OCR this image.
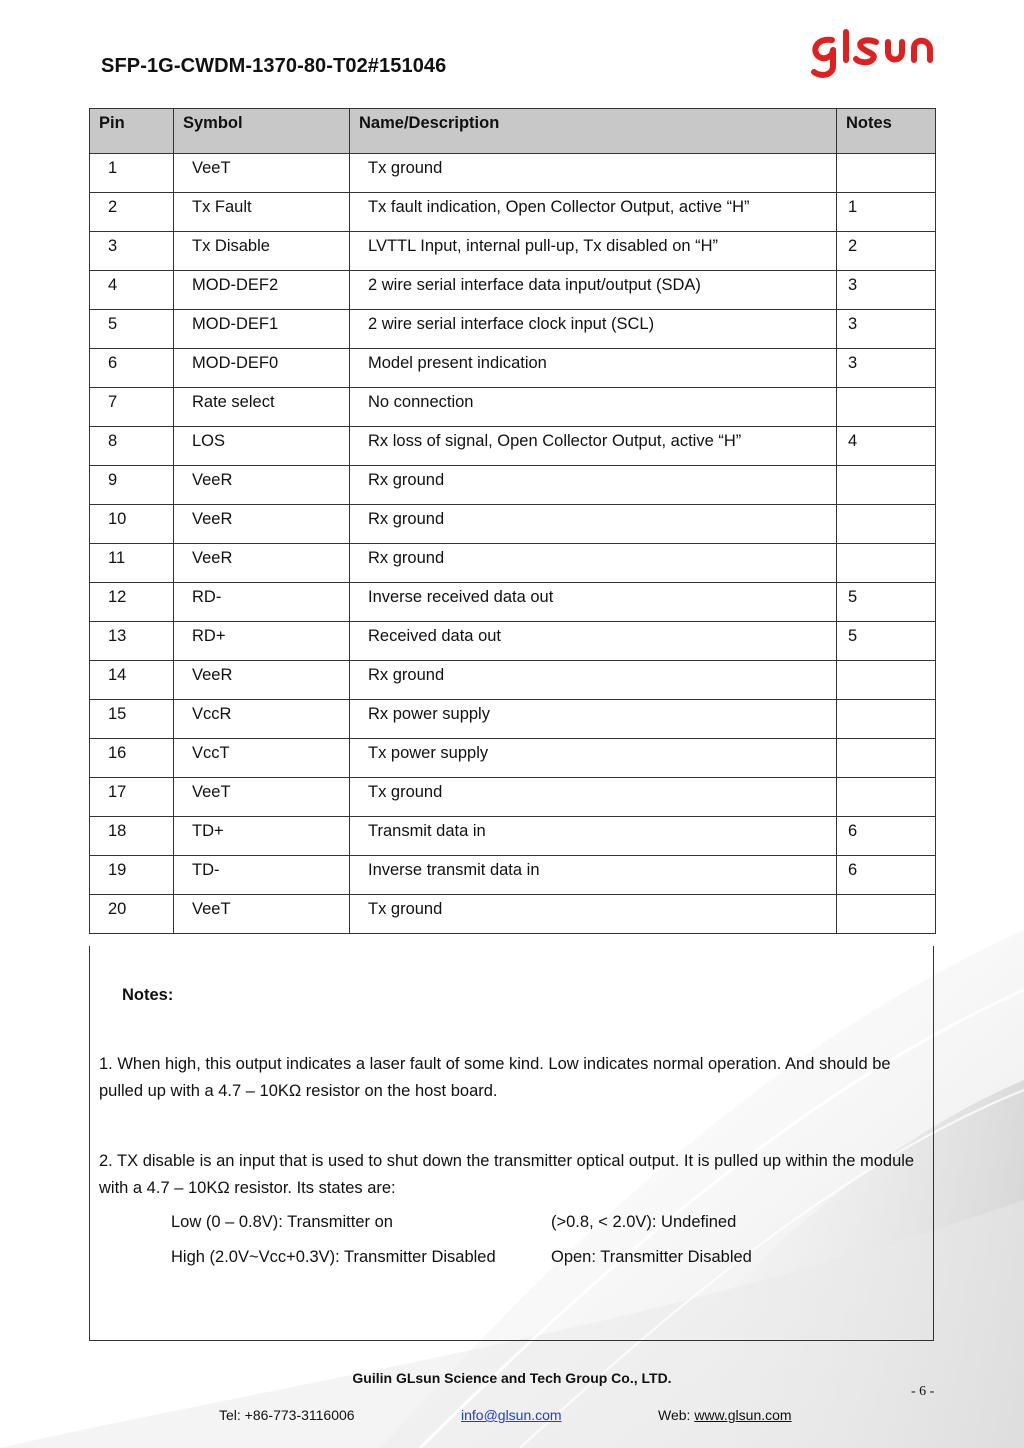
SFP-1G-CWDM-1370-80-T02#151046
Pin	Symbol	Name/Description	Notes
1	VeeT	Tx ground	
2	Tx Fault	Tx fault indication, Open Collector Output, active “H”	1
3	Tx Disable	LVTTL Input, internal pull-up, Tx disabled on “H”	2
4	MOD-DEF2	2 wire serial interface data input/output (SDA)	3
5	MOD-DEF1	2 wire serial interface clock input (SCL)	3
6	MOD-DEF0	Model present indication	3
7	Rate select	No connection	
8	LOS	Rx loss of signal, Open Collector Output, active “H”	4
9	VeeR	Rx ground	
10	VeeR	Rx ground	
11	VeeR	Rx ground	
12	RD-	Inverse received data out	5
13	RD+	Received data out	5
14	VeeR	Rx ground	
15	VccR	Rx power supply	
16	VccT	Tx power supply	
17	VeeT	Tx ground	
18	TD+	Transmit data in	6
19	TD-	Inverse transmit data in	6
20	VeeT	Tx ground	
Notes:
1. When high, this output indicates a laser fault of some kind. Low indicates normal operation. And should be pulled up with a 4.7 – 10KΩ resistor on the host board.
2. TX disable is an input that is used to shut down the transmitter optical output. It is pulled up within the module with a 4.7 – 10KΩ resistor. Its states are:
Low (0 – 0.8V): Transmitter on	(>0.8, < 2.0V): Undefined
High (2.0V~Vcc+0.3V): Transmitter Disabled	Open: Transmitter Disabled
Guilin GLsun Science and Tech Group Co., LTD.
- 6 -
Tel: +86-773-3116006	info@glsun.com	Web: www.glsun.com
